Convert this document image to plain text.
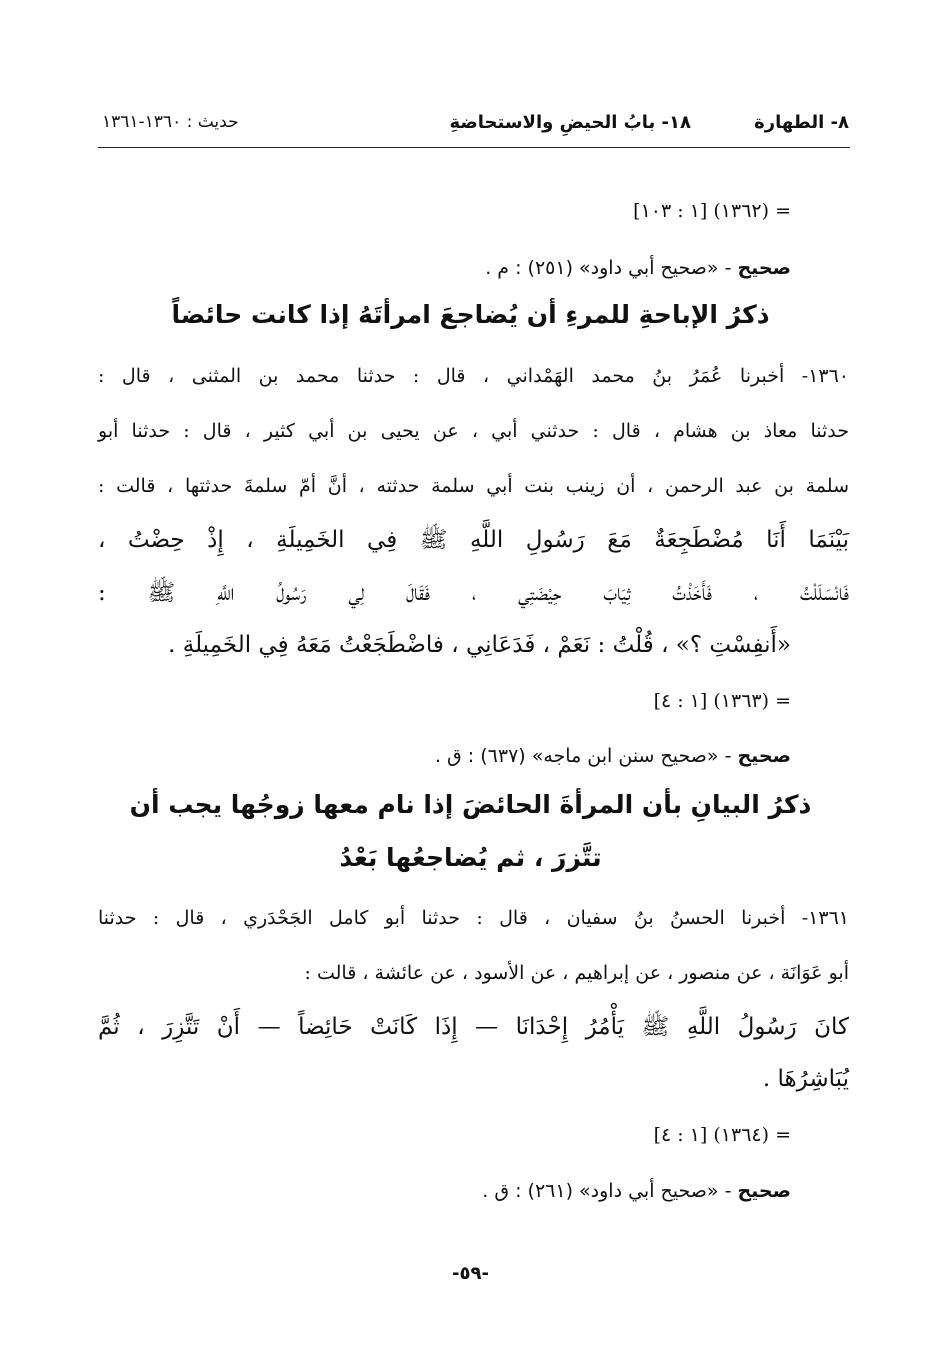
٨- الطهارة
١٨- بابُ الحيضِ والاستحاضةِ
حديث : ١٣٦٠-١٣٦١
= (١٣٦٢) [١ : ١٠٣]
صحيح - «صحيح أبي داود» (٢٥١) : م .
ذكرُ الإباحةِ للمرءِ أن يُضاجعَ امرأتَهُ إذا كانت حائضاً
١٣٦٠- أخبرنا عُمَرُ بنُ محمد الهَمْداني ، قال : حدثنا محمد بن المثنى ، قال :
حدثنا معاذ بن هشام ، قال : حدثني أبي ، عن يحيى بن أبي كثير ، قال : حدثنا أبو
سلمة بن عبد الرحمن ، أن زينب بنت أبي سلمة حدثته ، أنَّ أمّ سلمةَ حدثتها ، قالت :
بَيْنَمَا أَنَا مُضْطَجِعَةٌ مَعَ رَسُولِ اللَّهِ ﷺ فِي الخَمِيلَةِ ، إِذْ حِضْتُ ،
فَانْسَلَلْتُ ، فَأَخَذْتُ ثِيَابَ حِيْضَتِي ، فَقَالَ لِي رَسُولُ اللَّهِ ﷺ :
«أَنفِسْتِ ؟» ، قُلْتُ : نَعَمْ ، فَدَعَانِي ، فاضْطَجَعْتُ مَعَهُ فِي الخَمِيلَةِ .
= (١٣٦٣) [١ : ٤]
صحيح - «صحيح سنن ابن ماجه» (٦٣٧) : ق .
ذكرُ البيانِ بأن المرأةَ الحائضَ إذا نام معها زوجُها يجب أن
تتَّزرَ ، ثم يُضاجعُها بَعْدُ
١٣٦١- أخبرنا الحسنُ بنُ سفيان ، قال : حدثنا أبو كامل الجَحْدَري ، قال : حدثنا
أبو عَوَانَة ، عن منصور ، عن إبراهيم ، عن الأسود ، عن عائشة ، قالت :
كانَ رَسُولُ اللَّهِ ﷺ يَأْمُرُ إِحْدَانَا — إِذَا كَانَتْ حَائِضاً — أَنْ تَتَّزِرَ ، ثُمَّ
يُبَاشِرُهَا .
= (١٣٦٤) [١ : ٤]
صحيح - «صحيح أبي داود» (٢٦١) : ق .
-٥٩-
